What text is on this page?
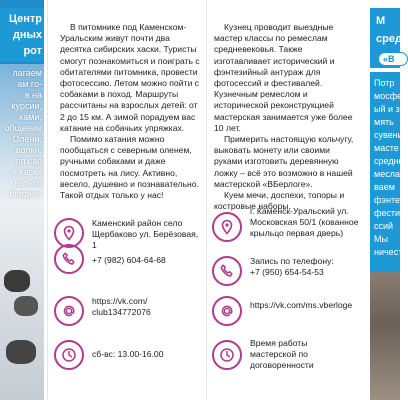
Центр
дных
рот
лагаем
ам го-
в на
курсии,
ками,
общение
Олени,
волки,
ля сво
х хаски
ваться
бкадни-

В питомнике под Каменском-Уральским живут почти два десятка сибирских хаски. Туристы смогут познакомиться и поиграть с обитателями питомника, провести фотосессию. Летом можно пойти с собаками в поход. Маршруты рассчитаны на взрослых детей: от 2 до 15 км. А зимой порадуем вас катание на собачьих упряжках.

Помимо катания можно пообщаться с северным оленем, ручными собаками и даже посмотреть на лису. Активно, весело, душевно и познавательно. Такой отдых только у нас!

Каменский район село Щербаково ул. Берёзовая, 1
+7 (982) 604-64-68
https://vk.com/ club134772076
сб-вс: 13.00-16.00

Кузнец проводит выездные мастер классы по ремеслам средневековья. Также изготавливает исторический и фэнтезийный антураж для фотосессий и фестивалей. Кузнечным ремеслом и исторической реконструкцией мастерская занимается уже более 10 лет.

Примерить настоящую кольчугу, выковать монету или своими руками изготовить деревянную ложку – всё это возможно в нашей мастерской «ВБерлоге».

Куем мечи, доспехи, топоры и костровые наборы.

г. Каменск-Уральский ул. Московская 50/1 (кованное крыльцо первая дверь)
Запись по телефону:
+7 (950) 654-54-53
https://vk.com/ms.vberloge
Время работы мастерской по договоренности
М
сред
«В
Потр
мосфе
ый и з
мять
сувени
масте
средне
меслам
ваем
фэнте
фести
ссий
Мы
ничеств
